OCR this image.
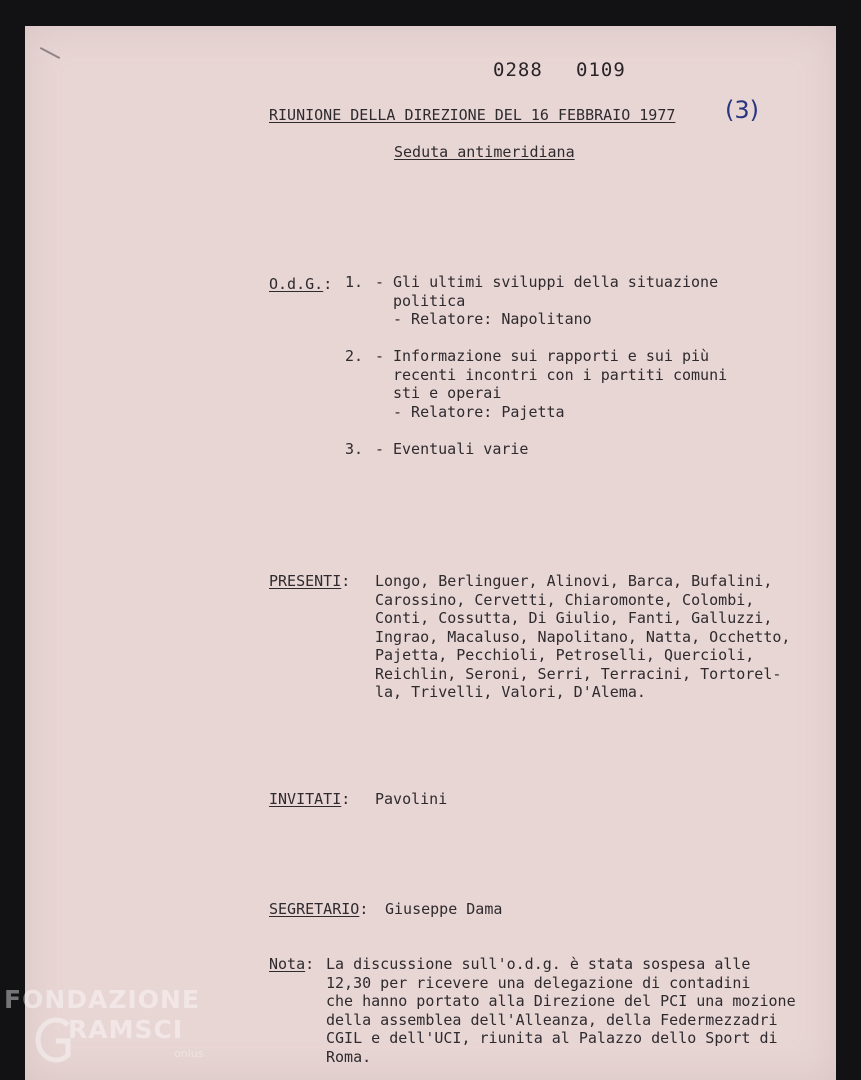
0288 0109
(3)
RIUNIONE DELLA DIREZIONE DEL 16 FEBBRAIO 1977
Seduta antimeridiana
O.d.G.: 1. - Gli ultimi sviluppi della situazione
politica
- Relatore: Napolitano
2. - Informazione sui rapporti e sui più
recenti incontri con i partiti comuni
sti e operai
- Relatore: Pajetta
3. - Eventuali varie
PRESENTI: Longo, Berlinguer, Alinovi, Barca, Bufalini,
Carossino, Cervetti, Chiaromonte, Colombi,
Conti, Cossutta, Di Giulio, Fanti, Galluzzi,
Ingrao, Macaluso, Napolitano, Natta, Occhetto,
Pajetta, Pecchioli, Petroselli, Quercioli,
Reichlin, Seroni, Serri, Terracini, Tortorel-
la, Trivelli, Valori, D'Alema.
INVITATI: Pavolini
SEGRETARIO: Giuseppe Dama
Nota: La discussione sull'o.d.g. è stata sospesa alle
12,30 per ricevere una delegazione di contadini
che hanno portato alla Direzione del PCI una mozione
della assemblea dell'Alleanza, della Federmezzadri
CGIL e dell'UCI, riunita al Palazzo dello Sport di
Roma.
FONDAZIONE
RAMSCI
onlus
